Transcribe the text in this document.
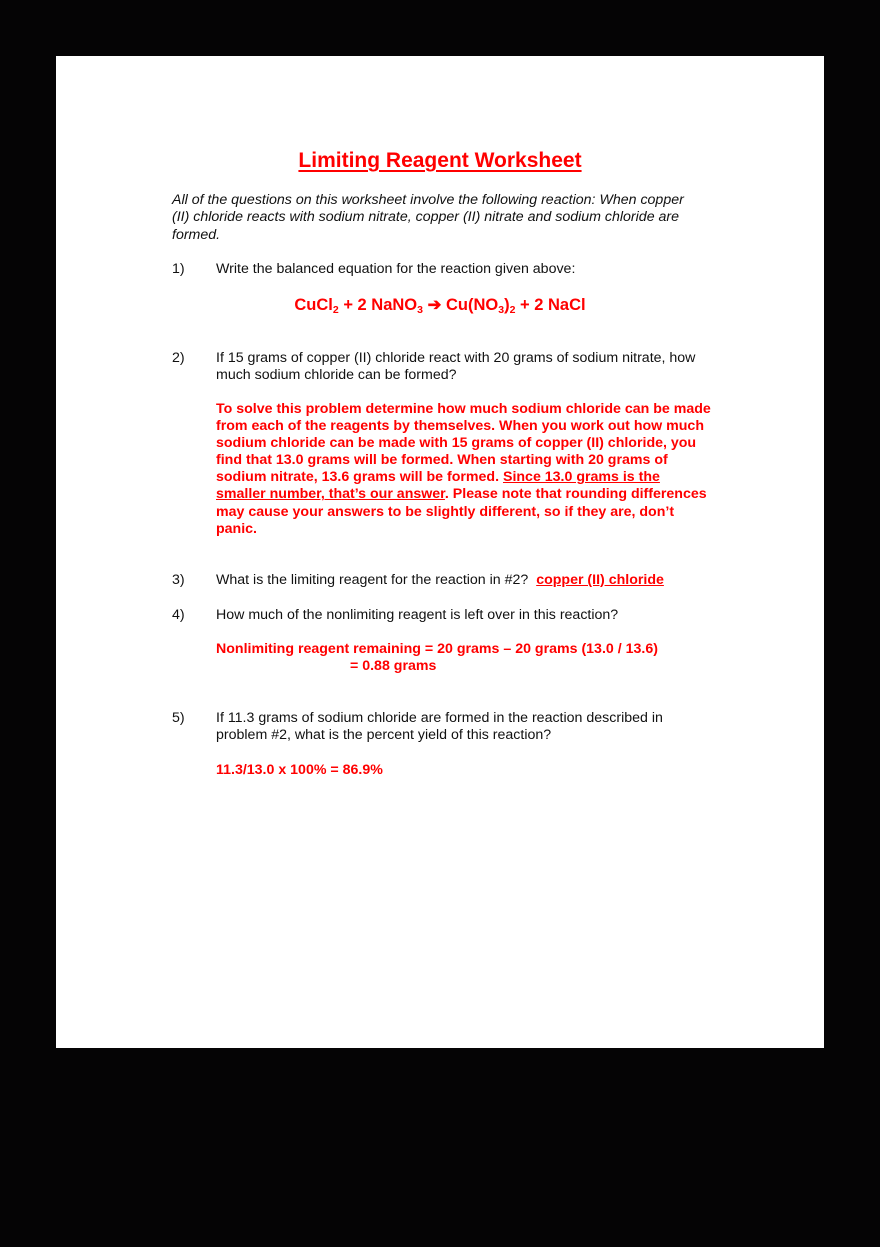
Limiting Reagent Worksheet
All of the questions on this worksheet involve the following reaction: When copper (II) chloride reacts with sodium nitrate, copper (II) nitrate and sodium chloride are formed.
1) Write the balanced equation for the reaction given above:
CuCl$_2$ + 2 NaNO$_3$ ➔ $Cu(NO_3)_2 + 2$ NaCl
2) If 15 grams of copper (II) chloride react with 20 grams of sodium nitrate, how much sodium chloride can be formed?
To solve this problem determine how much sodium chloride can be made from each of the reagents by themselves. When you work out how much sodium chloride can be made with 15 grams of copper (II) chloride, you find that 13.0 grams will be formed. When starting with 20 grams of sodium nitrate, 13.6 grams will be formed. Since 13.0 grams is the smaller number, that’s our answer. Please note that rounding differences may cause your answers to be slightly different, so if they are, don’t panic.
3) What is the limiting reagent for the reaction in #2? copper (II) chloride
4) How much of the nonlimiting reagent is left over in this reaction?
Nonlimiting reagent remaining = 20 grams – 20 grams (13.0 / 13.6)
= 0.88 grams
5) If 11.3 grams of sodium chloride are formed in the reaction described in problem #2, what is the percent yield of this reaction?
11.3/13.0 x 100% = 86.9%
